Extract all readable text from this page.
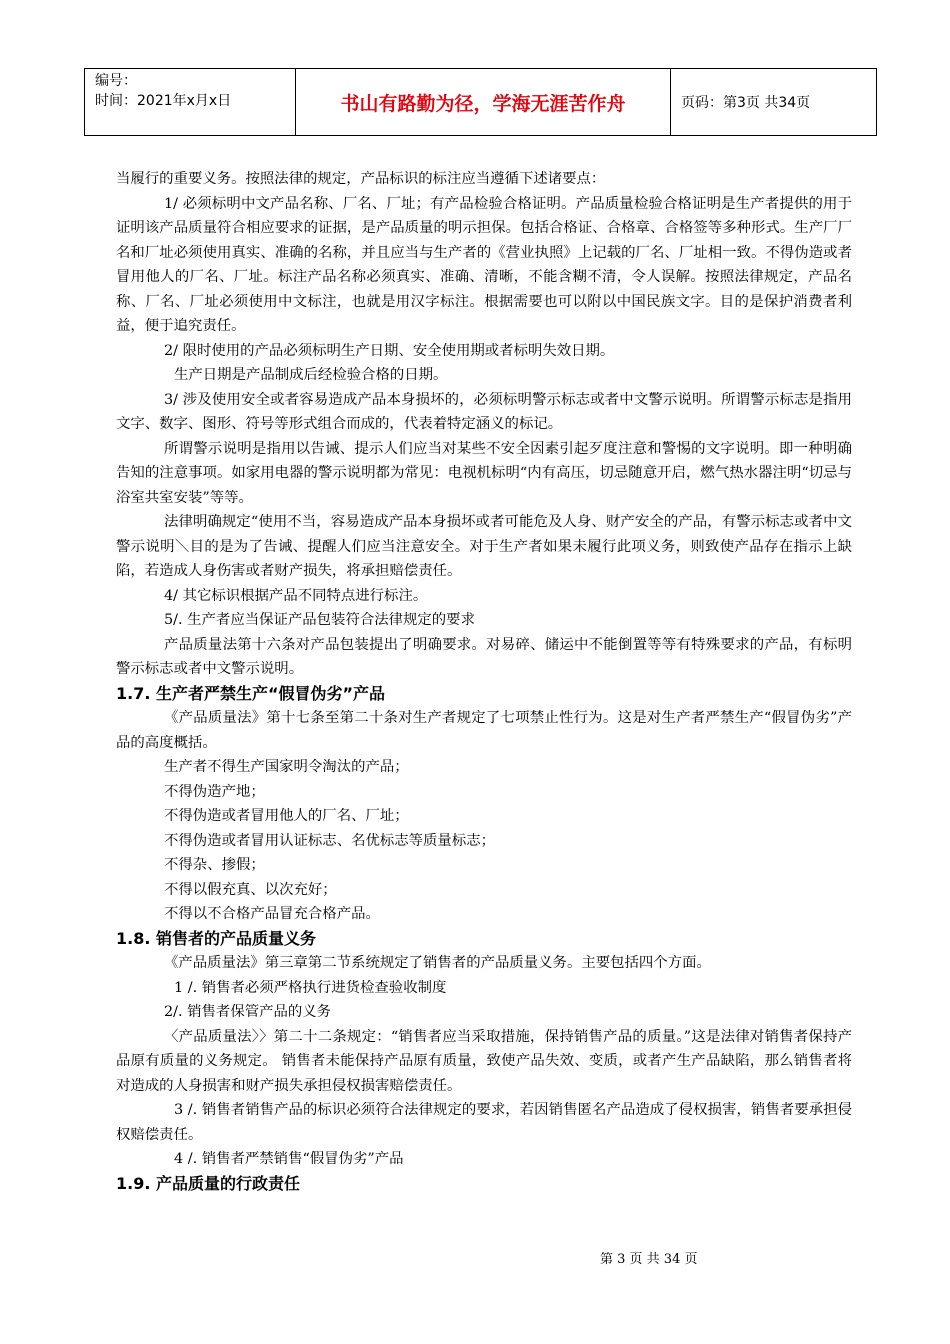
编号：
时间：2021年x月x日	书山有路勤为径，学海无涯苦作舟	页码：第3页 共34页

当履行的重要义务。按照法律的规定，产品标识的标注应当遵循下述诸要点：

1/ 必须标明中文产品名称、厂名、厂址；有产品检验合格证明。产品质量检验合格证明是生产者提供的用于证明该产品质量符合相应要求的证据，是产品质量的明示担保。包括合格证、合格章、合格签等多种形式。生产厂厂名和厂址必须使用真实、准确的名称，并且应当与生产者的《营业执照》上记载的厂名、厂址相一致。不得伪造或者冒用他人的厂名、厂址。标注产品名称必须真实、准确、清晰，不能含糊不清，令人误解。按照法律规定，产品名称、厂名、厂址必须使用中文标注，也就是用汉字标注。根据需要也可以附以中国民族文字。目的是保护消费者利益，便于追究责任。

2/ 限时使用的产品必须标明生产日期、安全使用期或者标明失效日期。

生产日期是产品制成后经检验合格的日期。

3/ 涉及使用安全或者容易造成产品本身损坏的，必须标明警示标志或者中文警示说明。所谓警示标志是指用文字、数字、图形、符号等形式组合而成的，代表着特定涵义的标记。

所谓警示说明是指用以告诫、提示人们应当对某些不安全因素引起歹度注意和警惕的文字说明。即一种明确告知的注意事项。如家用电器的警示说明都为常见：电视机标明“内有高压，切忌随意开启，燃气热水器注明“切忌与浴室共室安装”等等。

法律明确规定“使用不当，容易造成产品本身损坏或者可能危及人身、财产安全的产品，有警示标志或者中文警示说明＼目的是为了告诫、提醒人们应当注意安全。对于生产者如果未履行此项义务，则致使产品存在指示上缺陷，若造成人身伤害或者财产损失，将承担赔偿责任。

4/ 其它标识根据产品不同特点进行标注。

5/. 生产者应当保证产品包装符合法律规定的要求

产品质量法第十六条对产品包装提出了明确要求。对易碎、储运中不能倒置等等有特殊要求的产品，有标明警示标志或者中文警示说明。

1.7. 生产者严禁生产“假冒伪劣”产品

《产品质量法》第十七条至第二十条对生产者规定了七项禁止性行为。这是对生产者严禁生产“假冒伪劣”产品的高度概括。

生产者不得生产国家明令淘汰的产品；

不得伪造产地；

不得伪造或者冒用他人的厂名、厂址；

不得伪造或者冒用认证标志、名优标志等质量标志；

不得杂、掺假；

不得以假充真、以次充好；

不得以不合格产品冒充合格产品。

1.8. 销售者的产品质量义务

《产品质量法》第三章第二节系统规定了销售者的产品质量义务。主要包括四个方面。

1 /. 销售者必须严格执行进货检查验收制度

2/. 销售者保管产品的义务

〈产品质量法〉〉第二十二条规定：“销售者应当采取措施，保持销售产品的质量。”这是法律对销售者保持产品原有质量的义务规定。 销售者未能保持产品原有质量，致使产品失效、变质，或者产生产品缺陷，那么销售者将对造成的人身损害和财产损失承担侵权损害赔偿责任。

3 /. 销售者销售产品的标识必须符合法律规定的要求，若因销售匿名产品造成了侵权损害，销售者要承担侵权赔偿责任。

4 /. 销售者严禁销售“假冒伪劣”产品

1.9. 产品质量的行政责任

第 3 页 共 34 页
